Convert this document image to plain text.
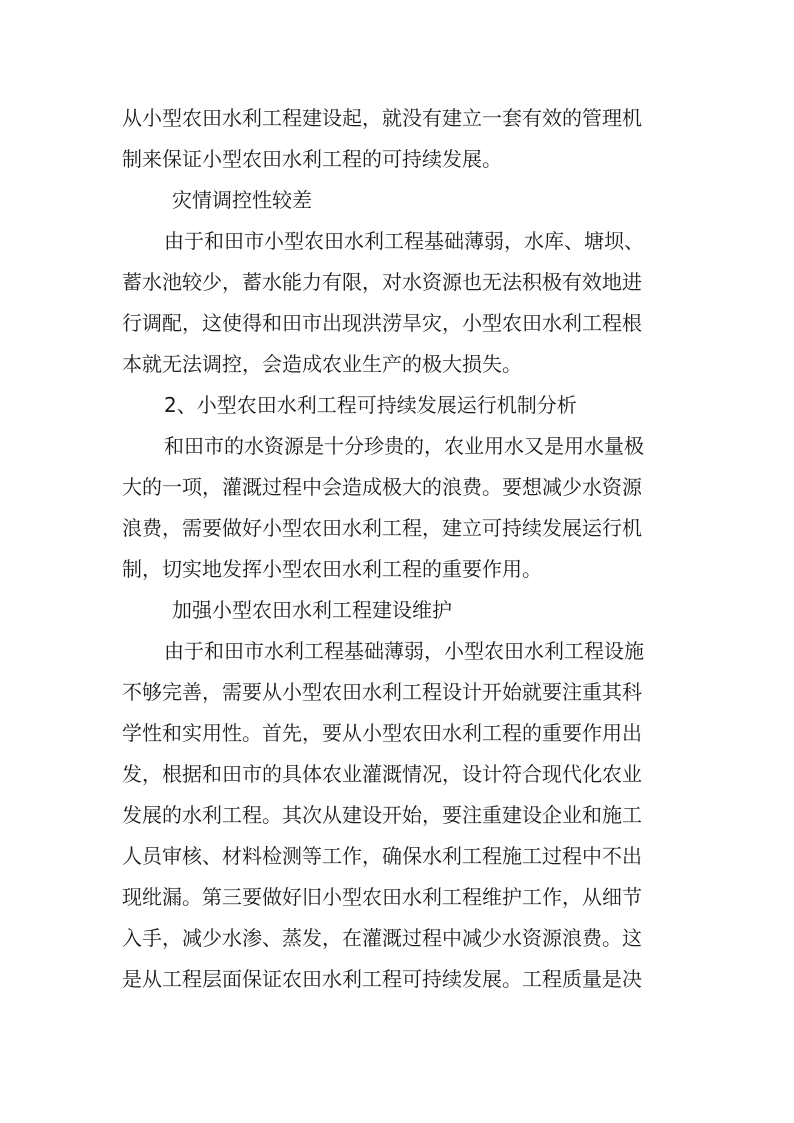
从小型农田水利工程建设起，就没有建立一套有效的管理机
制来保证小型农田水利工程的可持续发展。
灾情调控性较差
由于和田市小型农田水利工程基础薄弱，水库、塘坝、
蓄水池较少，蓄水能力有限，对水资源也无法积极有效地进
行调配，这使得和田市出现洪涝旱灾，小型农田水利工程根
本就无法调控，会造成农业生产的极大损失。
2、小型农田水利工程可持续发展运行机制分析
和田市的水资源是十分珍贵的，农业用水又是用水量极
大的一项，灌溉过程中会造成极大的浪费。要想减少水资源
浪费，需要做好小型农田水利工程，建立可持续发展运行机
制，切实地发挥小型农田水利工程的重要作用。
加强小型农田水利工程建设维护
由于和田市水利工程基础薄弱，小型农田水利工程设施
不够完善，需要从小型农田水利工程设计开始就要注重其科
学性和实用性。首先，要从小型农田水利工程的重要作用出
发，根据和田市的具体农业灌溉情况，设计符合现代化农业
发展的水利工程。其次从建设开始，要注重建设企业和施工
人员审核、材料检测等工作，确保水利工程施工过程中不出
现纰漏。第三要做好旧小型农田水利工程维护工作，从细节
入手，减少水渗、蒸发，在灌溉过程中减少水资源浪费。这
是从工程层面保证农田水利工程可持续发展。工程质量是决
